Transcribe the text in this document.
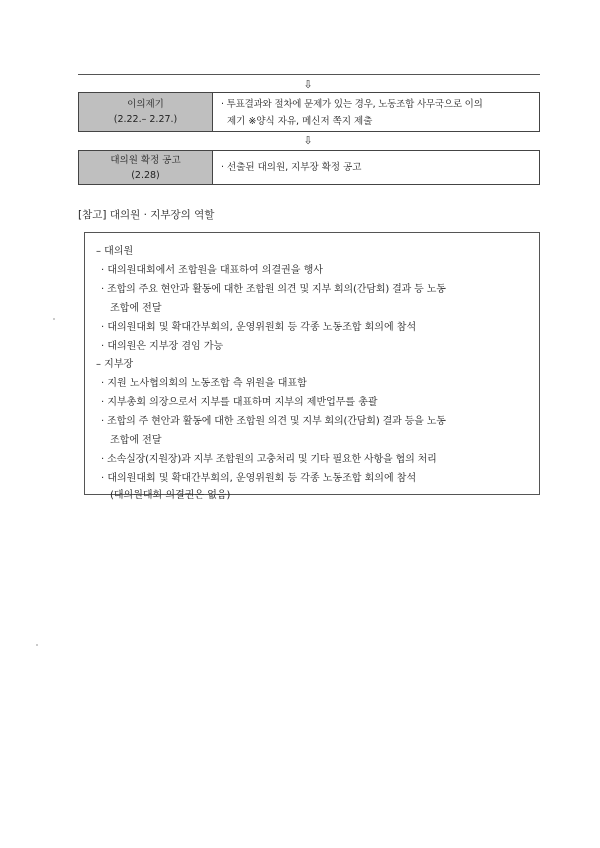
⇩
이의제기
(2.22.– 2.27.)
· 투표결과와 절차에 문제가 있는 경우, 노동조합 사무국으로 이의
제기 ※양식 자유, 메신저 쪽지 제출
⇩
대의원 확정 공고
(2.28)
· 선출된 대의원, 지부장 확정 공고
[참고] 대의원 · 지부장의 역할
– 대의원
· 대의원대회에서 조합원을 대표하여 의결권을 행사
· 조합의 주요 현안과 활동에 대한 조합원 의견 및 지부 회의(간담회) 결과 등 노동
조합에 전달
· 대의원대회 및 확대간부회의, 운영위원회 등 각종 노동조합 회의에 참석
· 대의원은 지부장 겸임 가능
– 지부장
· 지원 노사협의회의 노동조합 측 위원을 대표함
· 지부총회 의장으로서 지부를 대표하며 지부의 제반업무를 총괄
· 조합의 주 현안과 활동에 대한 조합원 의견 및 지부 회의(간담회) 결과 등을 노동
조합에 전달
· 소속실장(지원장)과 지부 조합원의 고충처리 및 기타 필요한 사항을 협의 처리
· 대의원대회 및 확대간부회의, 운영위원회 등 각종 노동조합 회의에 참석
(대의원대회 의결권은 없음)
